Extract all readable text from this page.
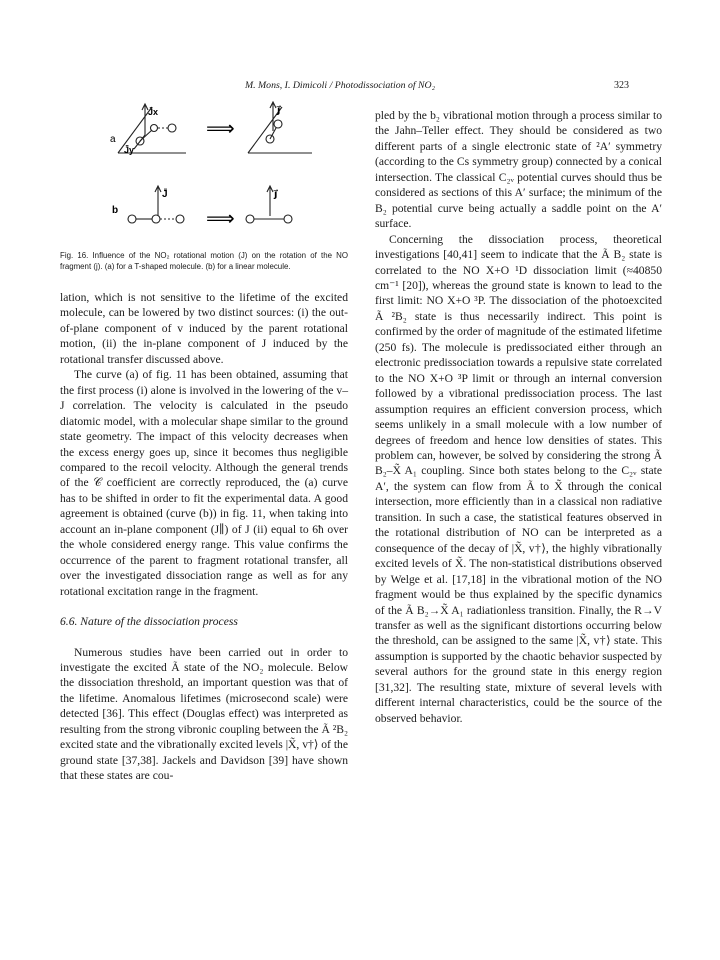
M. Mons, I. Dimicoli / Photodissociation of NO₂	323
a
b
J̄x
J̄y
j⃗
J̄	j⃗
⟹
⟹
Fig. 16. Influence of the NO₂ rotational motion (J) on the rotation of the NO fragment (j). (a) for a T-shaped molecule. (b) for a linear molecule.

lation, which is not sensitive to the lifetime of the excited molecule, can be lowered by two distinct sources: (i) the out-of-plane component of v induced by the parent rotational motion, (ii) the in-plane component of J induced by the rotational transfer discussed above.

The curve (a) of fig. 11 has been obtained, assuming that the first process (i) alone is involved in the lowering of the v–J correlation. The velocity is calculated in the pseudo diatomic model, with a molecular shape similar to the ground state geometry. The impact of this velocity decreases when the excess energy goes up, since it becomes thus negligible compared to the recoil velocity. Although the general trends of the 𝒞 coefficient are correctly reproduced, the (a) curve has to be shifted in order to fit the experimental data. A good agreement is obtained (curve (b)) in fig. 11, when taking into account an in-plane component (J∥) of J (ii) equal to 6ħ over the whole considered energy range. This value confirms the occurrence of the parent to fragment rotational transfer, all over the investigated dissociation range as well as for any rotational excitation range in the fragment.

6.6. Nature of the dissociation process

Numerous studies have been carried out in order to investigate the excited Ã state of the NO₂ molecule. Below the dissociation threshold, an important question was that of the lifetime. Anomalous lifetimes (microsecond scale) were detected [36]. This effect (Douglas effect) was interpreted as resulting from the strong vibronic coupling between the Ã ²B₂ excited state and the vibrationally excited levels |X̃, v†⟩ of the ground state [37,38]. Jackels and Davidson [39] have shown that these states are cou-

pled by the b₂ vibrational motion through a process similar to the Jahn–Teller effect. They should be considered as two different parts of a single electronic state of ²A′ symmetry (according to the Cs symmetry group) connected by a conical intersection. The classical C₂ᵥ potential curves should thus be considered as sections of this A′ surface; the minimum of the B₂ potential curve being actually a saddle point on the A′ surface.

Concerning the dissociation process, theoretical investigations [40,41] seem to indicate that the Ã B₂ state is correlated to the NO X+O ¹D dissociation limit (≈40850 cm⁻¹ [20]), whereas the ground state is known to lead to the first limit: NO X+O ³P. The dissociation of the photoexcited Ã ²B₂ state is thus necessarily indirect. This point is confirmed by the order of magnitude of the estimated lifetime (250 fs). The molecule is predissociated either through an electronic predissociation towards a repulsive state correlated to the NO X+O ³P limit or through an internal conversion followed by a vibrational predissociation process. The last assumption requires an efficient conversion process, which seems unlikely in a small molecule with a low number of degrees of freedom and hence low densities of states. This problem can, however, be solved by considering the strong Ã B₂–X̃ A₁ coupling. Since both states belong to the C₂ᵥ state A′, the system can flow from Ã to X̃ through the conical intersection, more efficiently than in a classical non radiative transition. In such a case, the statistical features observed in the rotational distribution of NO can be interpreted as a consequence of the decay of |X̃, v†⟩, the highly vibrationally excited levels of X̃. The non-statistical distributions observed by Welge et al. [17,18] in the vibrational motion of the NO fragment would be thus explained by the specific dynamics of the Ã B₂→X̃ A₁ radiationless transition. Finally, the R→V transfer as well as the significant distortions occurring below the threshold, can be assigned to the same |X̃, v†⟩ state. This assumption is supported by the chaotic behavior suspected by several authors for the ground state in this energy region [31,32]. The resulting state, mixture of several levels with different internal characteristics, could be the source of the observed behavior.
